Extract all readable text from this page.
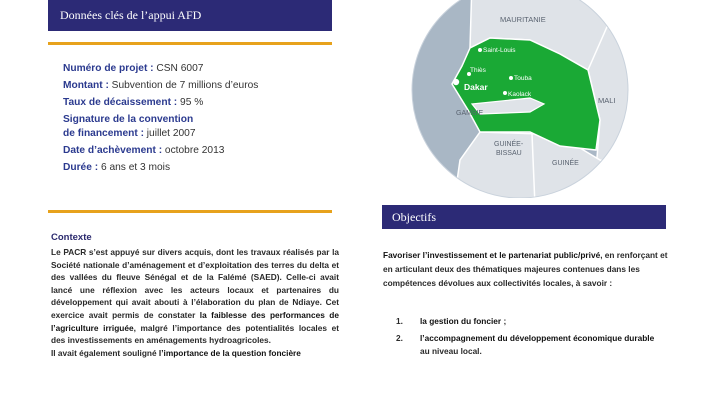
Données clés de l’appui AFD
Numéro de projet : CSN 6007
Montant : Subvention de 7 millions d’euros
Taux de décaissement : 95 %
Signature de la convention
de financement : juillet 2007
Date d’achèvement : octobre 2013
Durée : 6 ans et 3 mois
Contexte

Le PACR s’est appuyé sur divers acquis, dont les travaux réalisés par la Société nationale d’aménagement et d’exploitation des terres du delta et des vallées du fleuve Sénégal et de la Falémé (SAED). Celle-ci avait lancé une réflexion avec les acteurs locaux et partenaires du développement qui avait abouti à l’élaboration du plan de Ndiaye. Cet exercice avait permis de constater la faiblesse des performances de l’agriculture irriguée, malgré l’importance des potentialités locales et des investissements en aménagements hydroagricoles.

Il avait également souligné l’importance de la question foncière

MAURITANIE
MALI
GAMBIE
GUINÉE-
BISSAU
GUINÉE
Saint-Louis
Thiès
Dakar
Touba
Kaolack
Objectifs
Favoriser l’investissement et le partenariat public/privé, en renforçant et en articulant deux des thématiques majeures contenues dans les compétences dévolues aux collectivités locales, à savoir :
1.	la gestion du foncier ;
2.	l’accompagnement du développement économique durable au niveau local.
